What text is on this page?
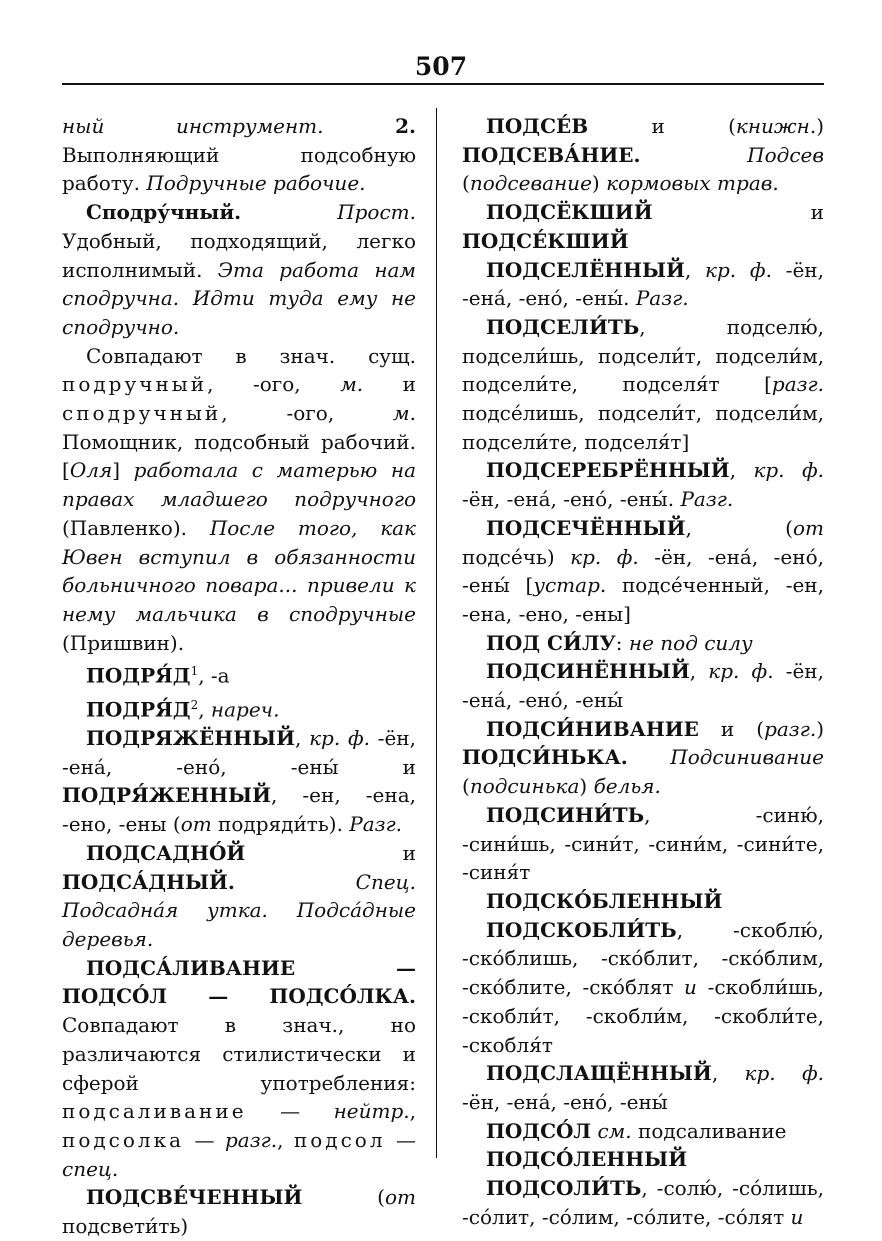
507

ный инструмент. 2. Выполняющий подсобную работу. Подручные рабочие.

Сподру́чный. Прост. Удобный, подходящий, легко исполнимый. Эта работа нам сподручна. Идти туда ему не сподручно.

Совпадают в знач. сущ. подручный, -ого, м. и сподручный, -ого, м. Помощник, подсобный рабочий. [Оля] работала с матерью на правах младшего подручного (Павленко). После того, как Ювен вступил в обязанности больничного повара... привели к нему мальчика в сподручные (Пришвин).

$ПОДРЯ́Д^1$, -а

$ПОДРЯ́Д^2$, нареч.

ПОДРЯЖЁННЫЙ, кр. ф. -ён, -ена́, -ено́, -ены́ и ПОДРЯ́ЖЕННЫЙ, -ен, -ена, -ено, -ены (от подряди́ть). Разг.

ПОДСАДНО́Й и ПОДСА́ДНЫЙ. Спец. Подсадна́я утка. Подса́дные деревья.

ПОДСА́ЛИВАНИЕ — ПОДСО́Л — ПОДСО́ЛКА. Совпадают в знач., но различаются стилистически и сферой употребления: подсаливание — нейтр., подсолка — разг., подсол — спец.

ПОДСВЕ́ЧЕННЫЙ (от подсвети́ть)

ПОДСЕ́В и (книжн.) ПОДСЕВА́НИЕ. Подсев (подсевание) кормовых трав.

ПОДСЁКШИЙ и ПОДСЕ́КШИЙ

ПОДСЕЛЁННЫЙ, кр. ф. -ён, -ена́, -ено́, -ены́. Разг.

ПОДСЕЛИ́ТЬ, подселю́, подсели́шь, подсели́т, подсели́м, подсели́те, подселя́т [разг. подсе́лишь, подсели́т, подсели́м, подсели́те, подселя́т]

ПОДСЕРЕБРЁННЫЙ, кр. ф. -ён, -ена́, -ено́, -ены́. Разг.

ПОДСЕЧЁННЫЙ, (от подсе́чь) кр. ф. -ён, -ена́, -ено́, -ены́ [устар. подсе́ченный, -ен, -ена, -ено, -ены]

ПОД СИ́ЛУ: не под силу

ПОДСИНЁННЫЙ, кр. ф. -ён, -ена́, -ено́, -ены́

ПОДСИ́НИВАНИЕ и (разг.) ПОДСИ́НЬКА. Подсинивание (подсинька) белья.

ПОДСИНИ́ТЬ, -синю́, -сини́шь, -сини́т, -сини́м, -сини́те, -синя́т

ПОДСКО́БЛЕННЫЙ

ПОДСКОБЛИ́ТЬ, -скоблю́, -ско́блишь, -ско́блит, -ско́блим, -ско́блите, -ско́блят и -скобли́шь, -скобли́т, -скобли́м, -скобли́те, -скобля́т

ПОДСЛАЩЁННЫЙ, кр. ф. -ён, -ена́, -ено́, -ены́

ПОДСО́Л см. подсаливание

ПОДСО́ЛЕННЫЙ

ПОДСОЛИ́ТЬ, -солю́, -со́лишь, -со́лит, -со́лим, -со́лите, -со́лят и
